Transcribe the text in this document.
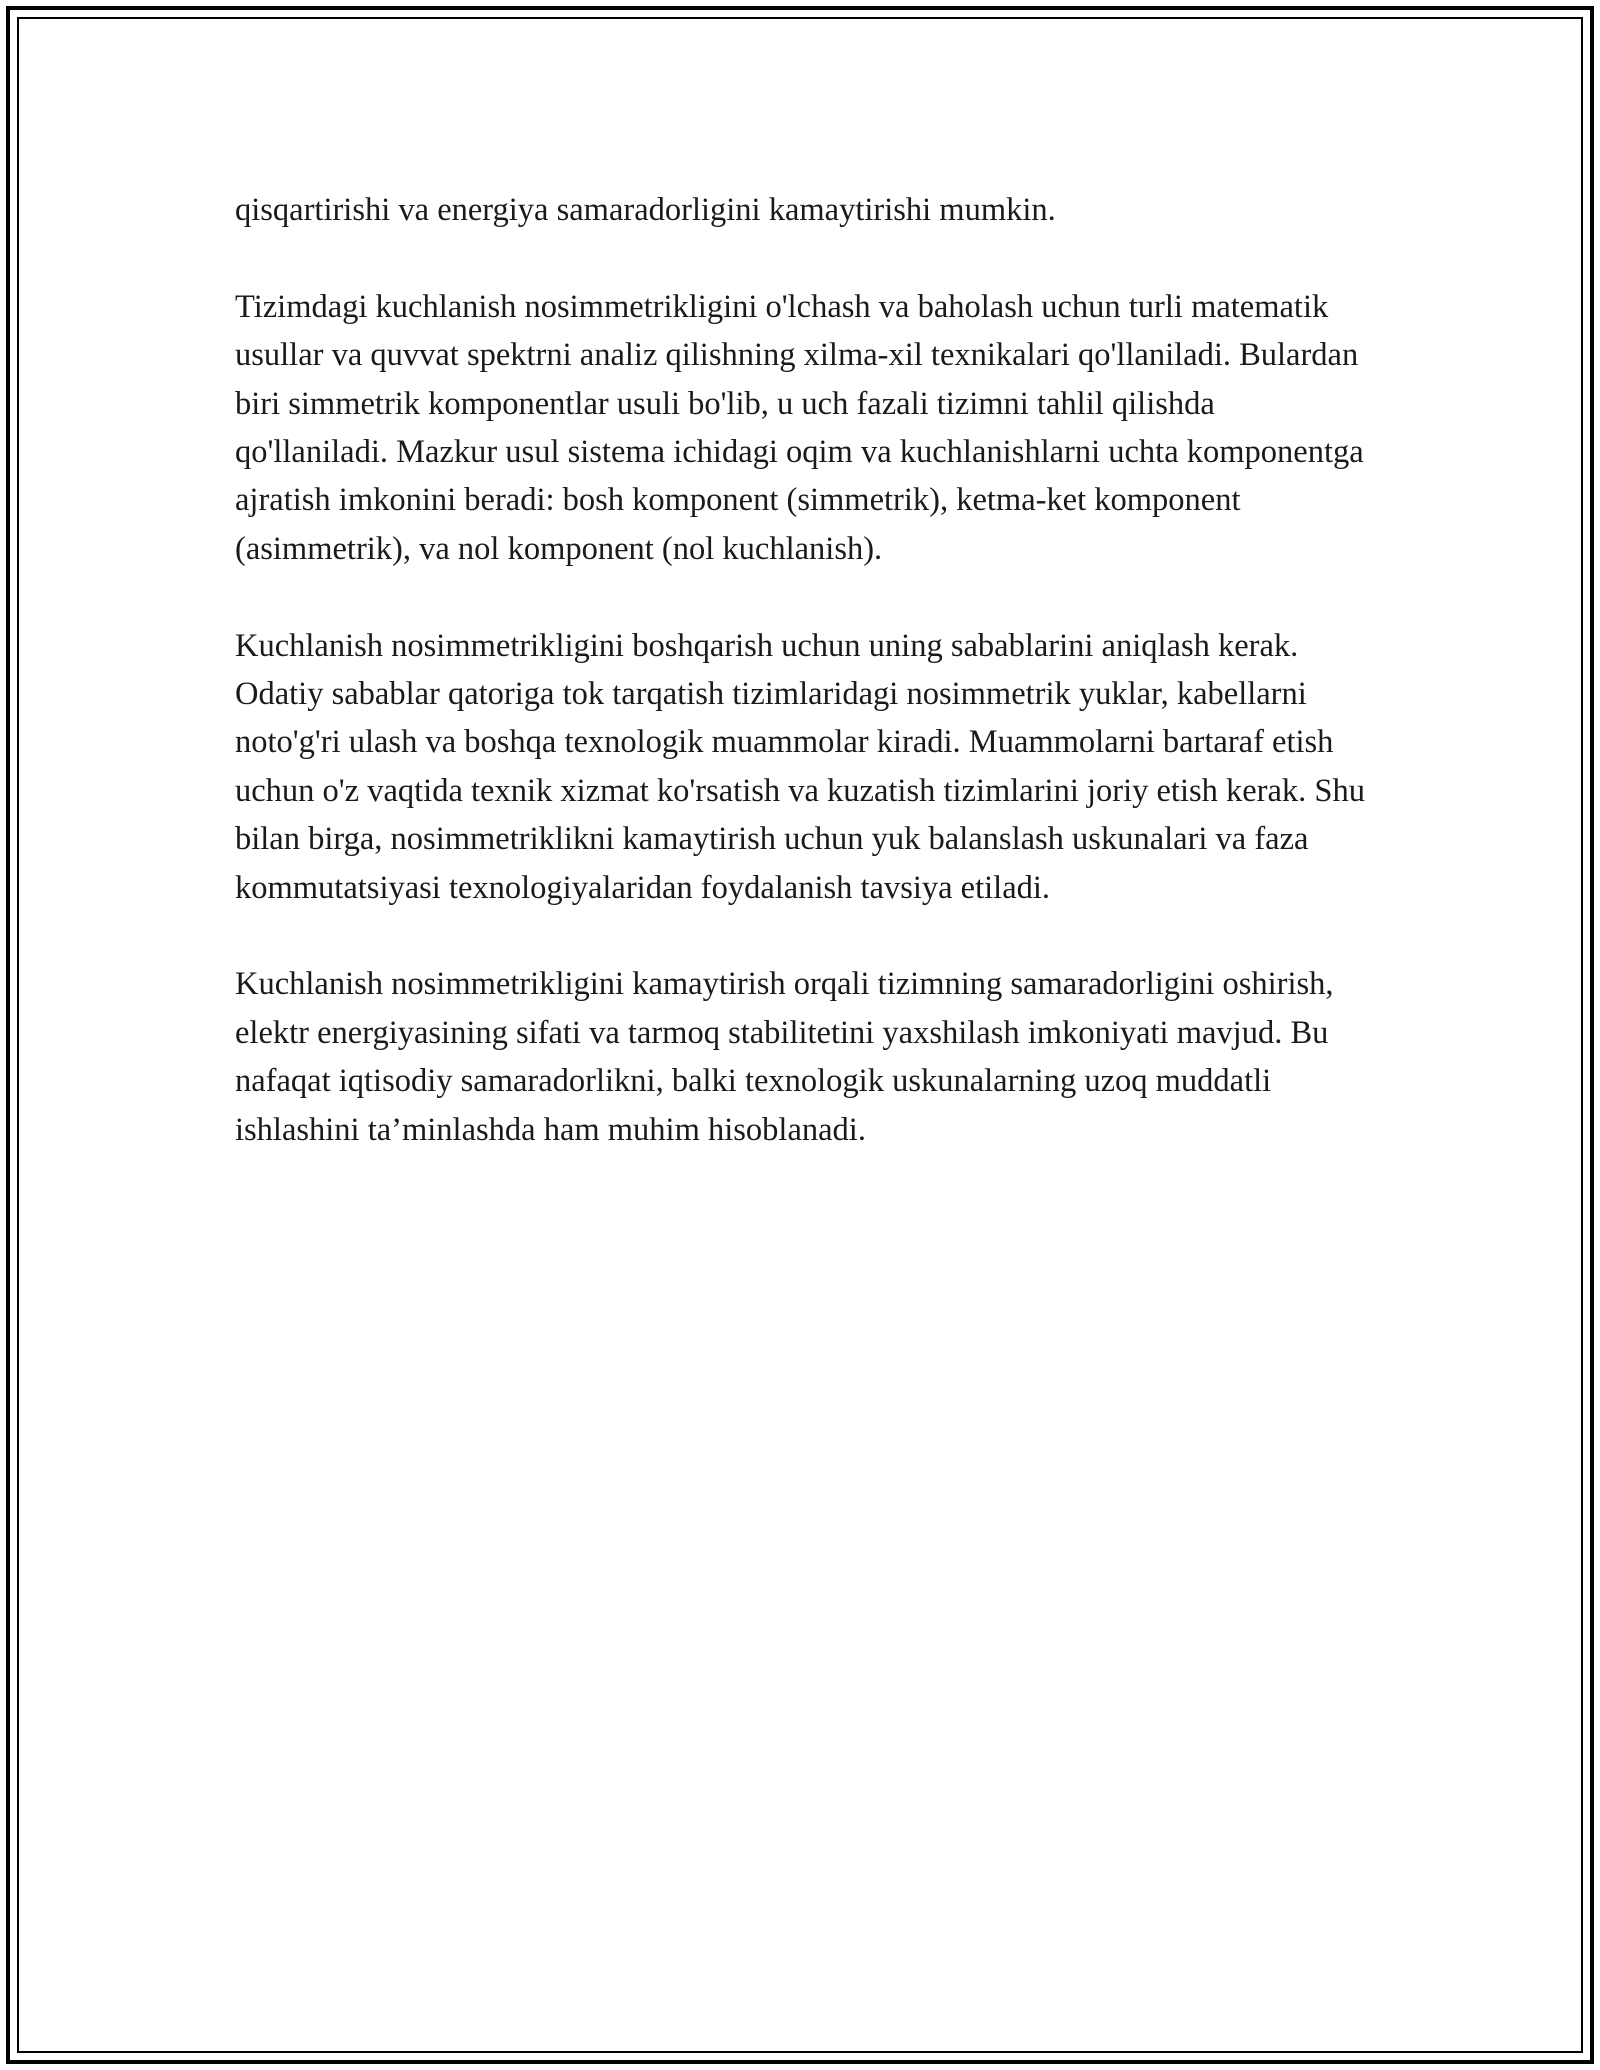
qisqartirishi va energiya samaradorligini kamaytirishi mumkin.

Tizimdagi kuchlanish nosimmetrikligini o'lchash va baholash uchun turli matematik usullar va quvvat spektrni analiz qilishning xilma-xil texnikalari qo'llaniladi. Bulardan biri simmetrik komponentlar usuli bo'lib, u uch fazali tizimni tahlil qilishda qo'llaniladi. Mazkur usul sistema ichidagi oqim va kuchlanishlarni uchta komponentga ajratish imkonini beradi: bosh komponent (simmetrik), ketma-ket komponent (asimmetrik), va nol komponent (nol kuchlanish).

Kuchlanish nosimmetrikligini boshqarish uchun uning sabablarini aniqlash kerak. Odatiy sabablar qatoriga tok tarqatish tizimlaridagi nosimmetrik yuklar, kabellarni noto'g'ri ulash va boshqa texnologik muammolar kiradi. Muammolarni bartaraf etish uchun o'z vaqtida texnik xizmat ko'rsatish va kuzatish tizimlarini joriy etish kerak. Shu bilan birga, nosimmetriklikni kamaytirish uchun yuk balanslash uskunalari va faza kommutatsiyasi texnologiyalaridan foydalanish tavsiya etiladi.

Kuchlanish nosimmetrikligini kamaytirish orqali tizimning samaradorligini oshirish, elektr energiyasining sifati va tarmoq stabilitetini yaxshilash imkoniyati mavjud. Bu nafaqat iqtisodiy samaradorlikni, balki texnologik uskunalarning uzoq muddatli ishlashini ta’minlashda ham muhim hisoblanadi.
